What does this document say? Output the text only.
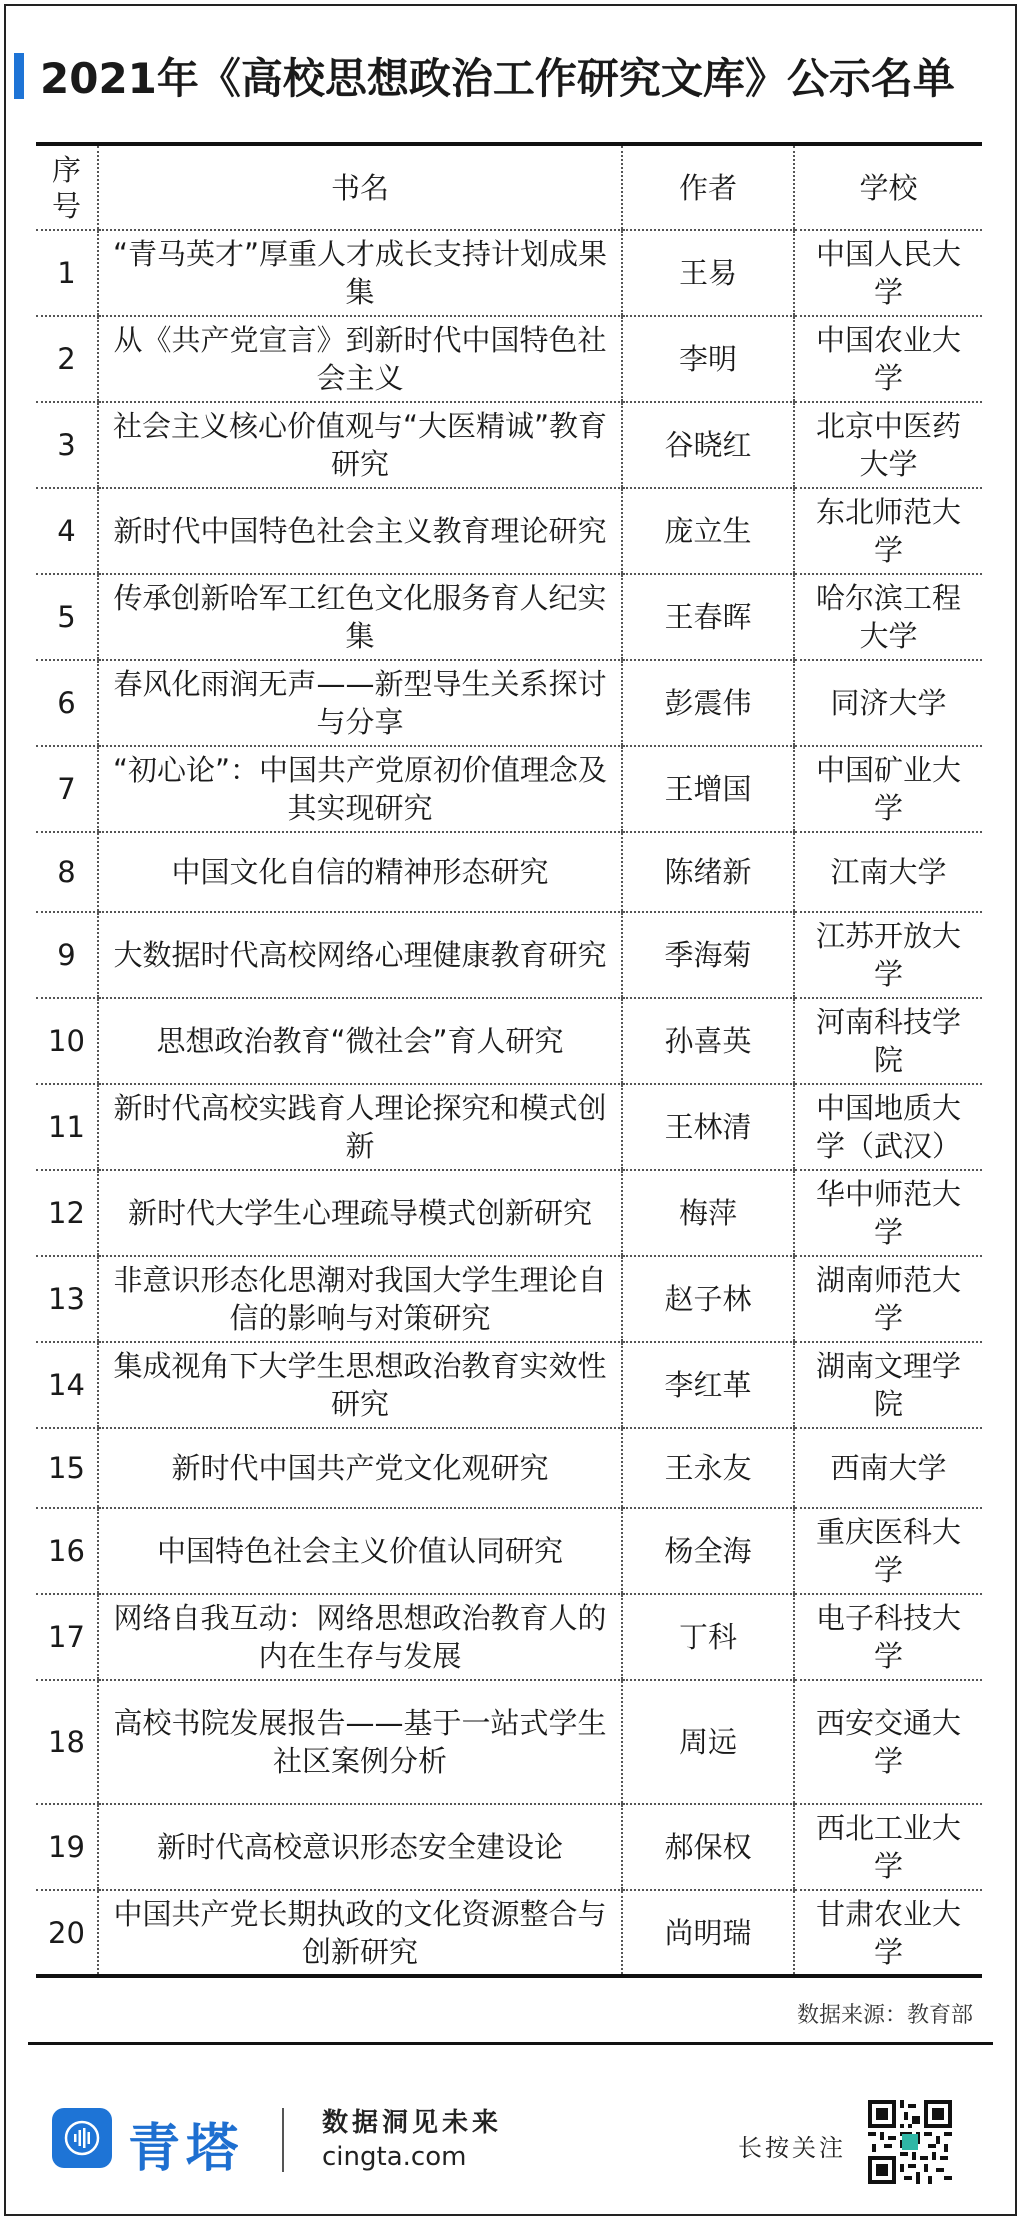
2021年《高校思想政治工作研究文库》公示名单
序号	书名	作者	学校
1	“青马英才”厚重人才成长支持计划成果集	王易	中国人民大学
2	从《共产党宣言》到新时代中国特色社会主义	李明	中国农业大学
3	社会主义核心价值观与“大医精诚”教育研究	谷晓红	北京中医药大学
4	新时代中国特色社会主义教育理论研究	庞立生	东北师范大学
5	传承创新哈军工红色文化服务育人纪实集	王春晖	哈尔滨工程大学
6	春风化雨润无声——新型导生关系探讨与分享	彭震伟	同济大学
7	“初心论”：中国共产党原初价值理念及其实现研究	王增国	中国矿业大学
8	中国文化自信的精神形态研究	陈绪新	江南大学
9	大数据时代高校网络心理健康教育研究	季海菊	江苏开放大学
10	思想政治教育“微社会”育人研究	孙喜英	河南科技学院
11	新时代高校实践育人理论探究和模式创新	王林清	中国地质大学（武汉）
12	新时代大学生心理疏导模式创新研究	梅萍	华中师范大学
13	非意识形态化思潮对我国大学生理论自信的影响与对策研究	赵子林	湖南师范大学
14	集成视角下大学生思想政治教育实效性研究	李红革	湖南文理学院
15	新时代中国共产党文化观研究	王永友	西南大学
16	中国特色社会主义价值认同研究	杨全海	重庆医科大学
17	网络自我互动：网络思想政治教育人的内在生存与发展	丁科	电子科技大学
18	高校书院发展报告——基于一站式学生社区案例分析	周远	西安交通大学
19	新时代高校意识形态安全建设论	郝保权	西北工业大学
20	中国共产党长期执政的文化资源整合与创新研究	尚明瑞	甘肃农业大学
数据来源：教育部
青塔	数据洞见未来
cingta.com	长按关注
